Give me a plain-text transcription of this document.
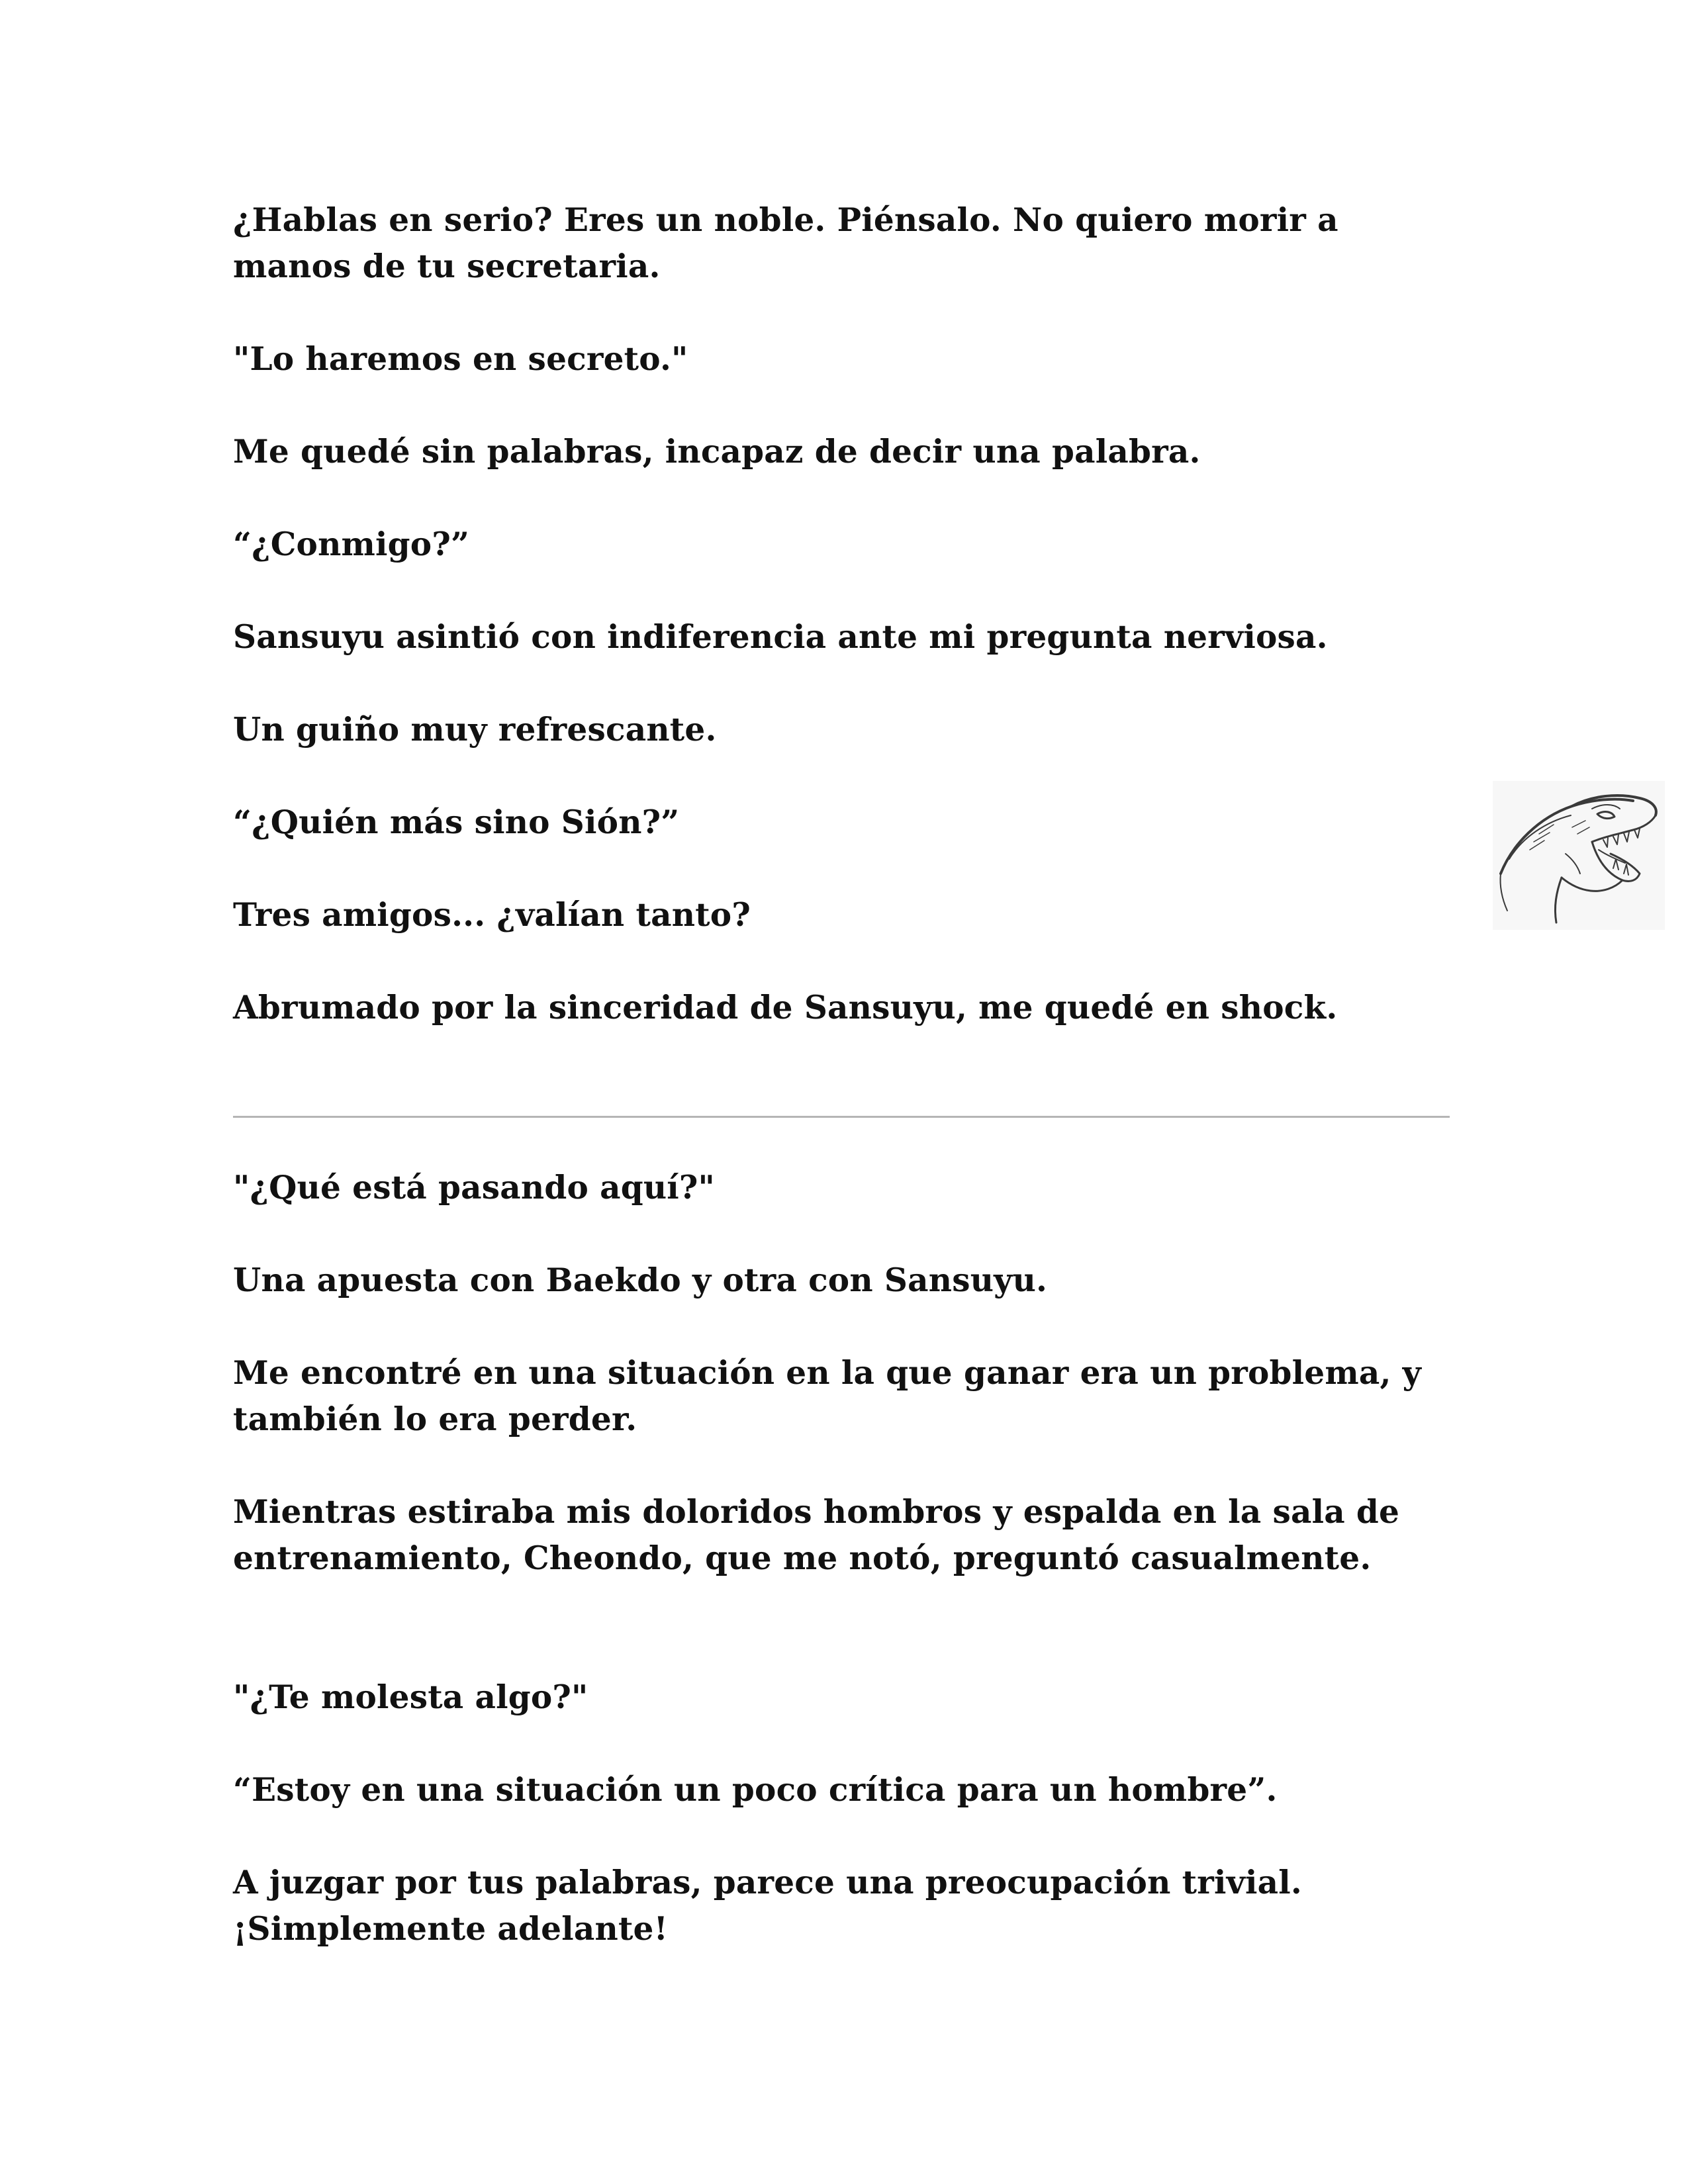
¿Hablas en serio? Eres un noble. Piénsalo. No quiero morir a manos de tu secretaria.

"Lo haremos en secreto."

Me quedé sin palabras, incapaz de decir una palabra.

“¿Conmigo?”

Sansuyu asintió con indiferencia ante mi pregunta nerviosa.

Un guiño muy refrescante.

“¿Quién más sino Sión?”

Tres amigos... ¿valían tanto?

Abrumado por la sinceridad de Sansuyu, me quedé en shock.

"¿Qué está pasando aquí?"

Una apuesta con Baekdo y otra con Sansuyu.

Me encontré en una situación en la que ganar era un problema, y también lo era perder.

Mientras estiraba mis doloridos hombros y espalda en la sala de entrenamiento, Cheondo, que me notó, preguntó casualmente.

"¿Te molesta algo?"

“Estoy en una situación un poco crítica para un hombre”.

A juzgar por tus palabras, parece una preocupación trivial. ¡Simplemente adelante!
